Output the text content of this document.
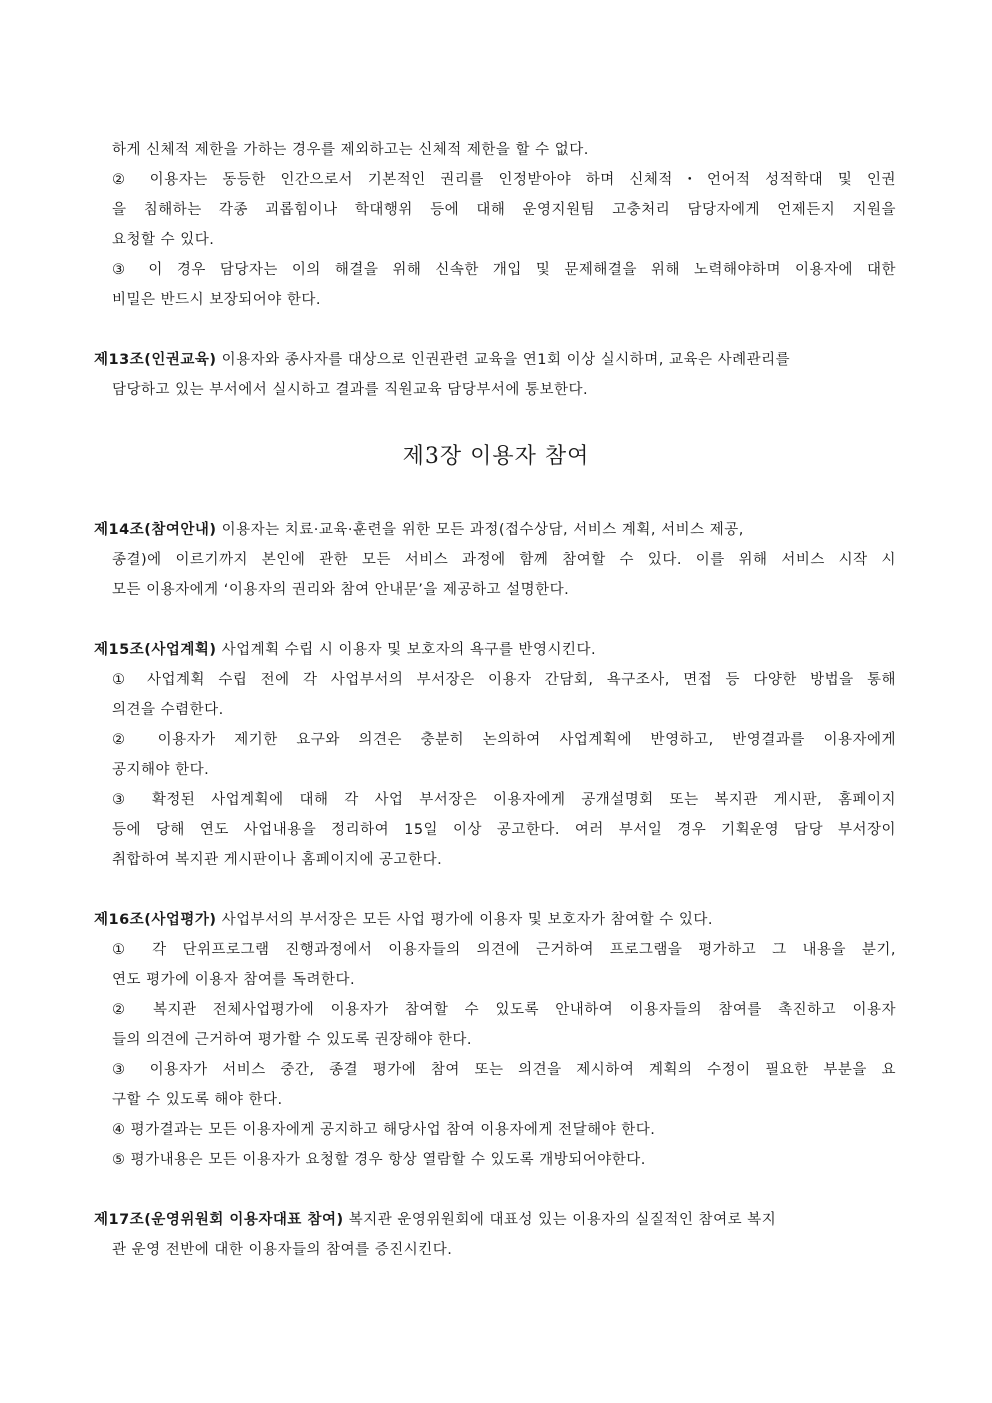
하게 신체적 제한을 가하는 경우를 제외하고는 신체적 제한을 할 수 없다.
② 이용자는 동등한 인간으로서 기본적인 권리를 인정받아야 하며 신체적・언어적 성적학대 및 인권
을 침해하는 각종 괴롭힘이나 학대행위 등에 대해 운영지원팀 고충처리 담당자에게 언제든지 지원을
요청할 수 있다.
③ 이 경우 담당자는 이의 해결을 위해 신속한 개입 및 문제해결을 위해 노력해야하며 이용자에 대한
비밀은 반드시 보장되어야 한다.
제13조(인권교육) 이용자와 종사자를 대상으로 인권관련 교육을 연1회 이상 실시하며, 교육은 사례관리를
담당하고 있는 부서에서 실시하고 결과를 직원교육 담당부서에 통보한다.
제3장 이용자 참여
제14조(참여안내) 이용자는 치료·교육·훈련을 위한 모든 과정(접수상담, 서비스 계획, 서비스 제공,
종결)에 이르기까지 본인에 관한 모든 서비스 과정에 함께 참여할 수 있다. 이를 위해 서비스 시작 시
모든 이용자에게 ‘이용자의 권리와 참여 안내문’을 제공하고 설명한다.
제15조(사업계획) 사업계획 수립 시 이용자 및 보호자의 욕구를 반영시킨다.
① 사업계획 수립 전에 각 사업부서의 부서장은 이용자 간담회, 욕구조사, 면접 등 다양한 방법을 통해
의견을 수렴한다.
② 이용자가 제기한 요구와 의견은 충분히 논의하여 사업계획에 반영하고, 반영결과를 이용자에게
공지해야 한다.
③ 확정된 사업계획에 대해 각 사업 부서장은 이용자에게 공개설명회 또는 복지관 게시판, 홈페이지
등에 당해 연도 사업내용을 정리하여 15일 이상 공고한다. 여러 부서일 경우 기획운영 담당 부서장이
취합하여 복지관 게시판이나 홈페이지에 공고한다.
제16조(사업평가) 사업부서의 부서장은 모든 사업 평가에 이용자 및 보호자가 참여할 수 있다.
① 각 단위프로그램 진행과정에서 이용자들의 의견에 근거하여 프로그램을 평가하고 그 내용을 분기,
연도 평가에 이용자 참여를 독려한다.
② 복지관 전체사업평가에 이용자가 참여할 수 있도록 안내하여 이용자들의 참여를 촉진하고 이용자
들의 의견에 근거하여 평가할 수 있도록 권장해야 한다.
③ 이용자가 서비스 중간, 종결 평가에 참여 또는 의견을 제시하여 계획의 수정이 필요한 부분을 요
구할 수 있도록 해야 한다.
④ 평가결과는 모든 이용자에게 공지하고 해당사업 참여 이용자에게 전달해야 한다.
⑤ 평가내용은 모든 이용자가 요청할 경우 항상 열람할 수 있도록 개방되어야한다.
제17조(운영위원회 이용자대표 참여) 복지관 운영위원회에 대표성 있는 이용자의 실질적인 참여로 복지
관 운영 전반에 대한 이용자들의 참여를 증진시킨다.
